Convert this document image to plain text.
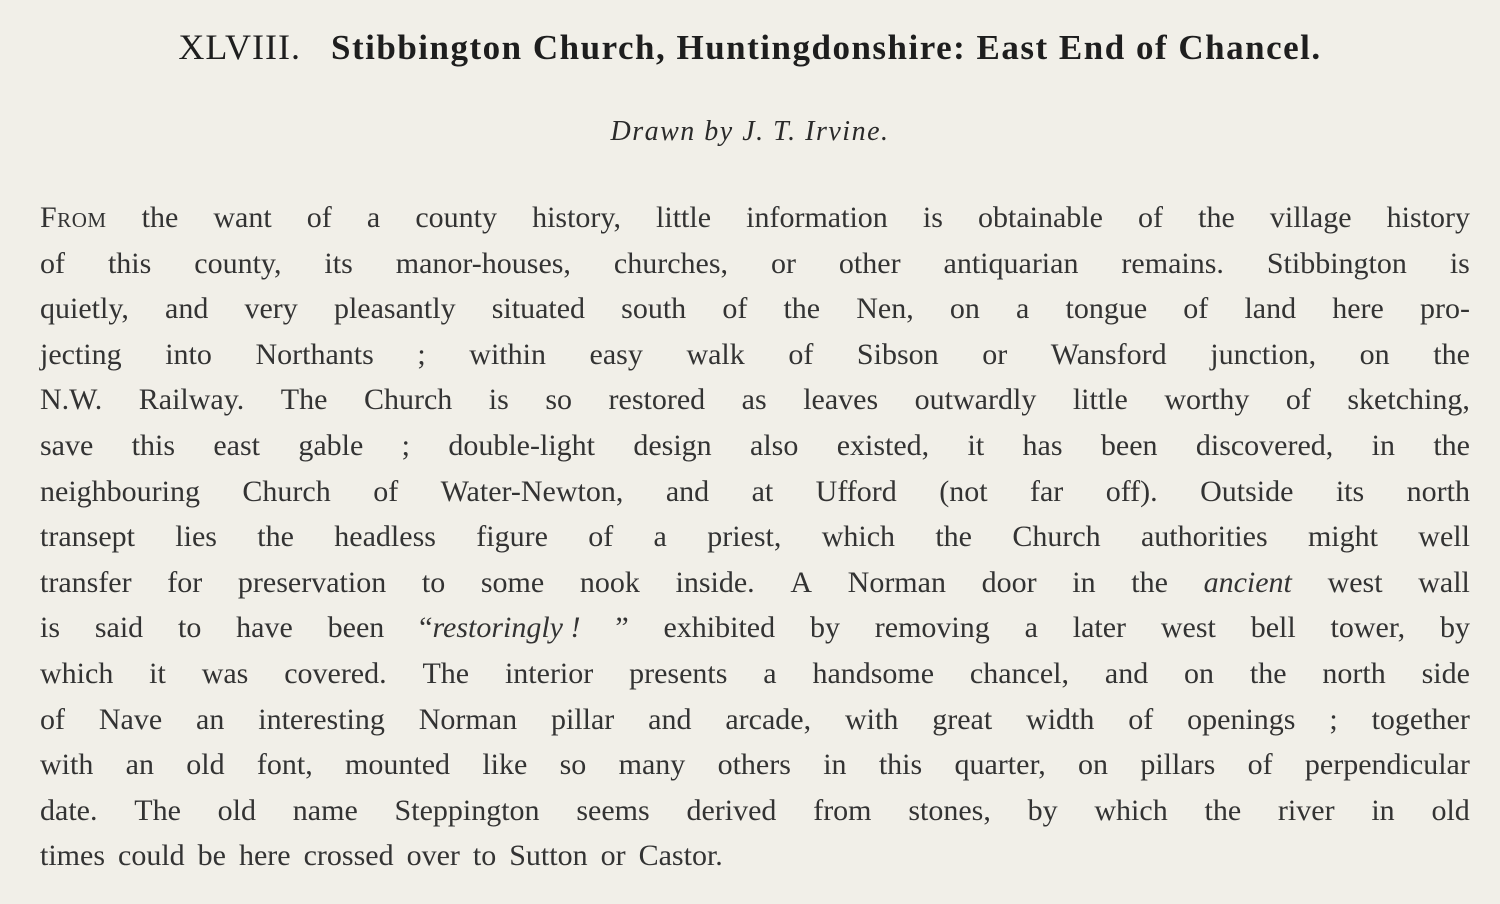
XLVIII. Stibbington Church, Huntingdonshire: East End of Chancel.
Drawn by J. T. Irvine.
From the want of a county history, little information is obtainable of the village history
of this county, its manor-houses, churches, or other antiquarian remains. Stibbington is
quietly, and very pleasantly situated south of the Nen, on a tongue of land here pro-
jecting into Northants ; within easy walk of Sibson or Wansford junction, on the
N.W. Railway. The Church is so restored as leaves outwardly little worthy of sketching,
save this east gable ; double-light design also existed, it has been discovered, in the
neighbouring Church of Water-Newton, and at Ufford (not far off). Outside its north
transept lies the headless figure of a priest, which the Church authorities might well
transfer for preservation to some nook inside. A Norman door in the ancient west wall
is said to have been “restoringly ! ” exhibited by removing a later west bell tower, by
which it was covered. The interior presents a handsome chancel, and on the north side
of Nave an interesting Norman pillar and arcade, with great width of openings ; together
with an old font, mounted like so many others in this quarter, on pillars of perpendicular
date. The old name Steppington seems derived from stones, by which the river in old
times could be here crossed over to Sutton or Castor.
